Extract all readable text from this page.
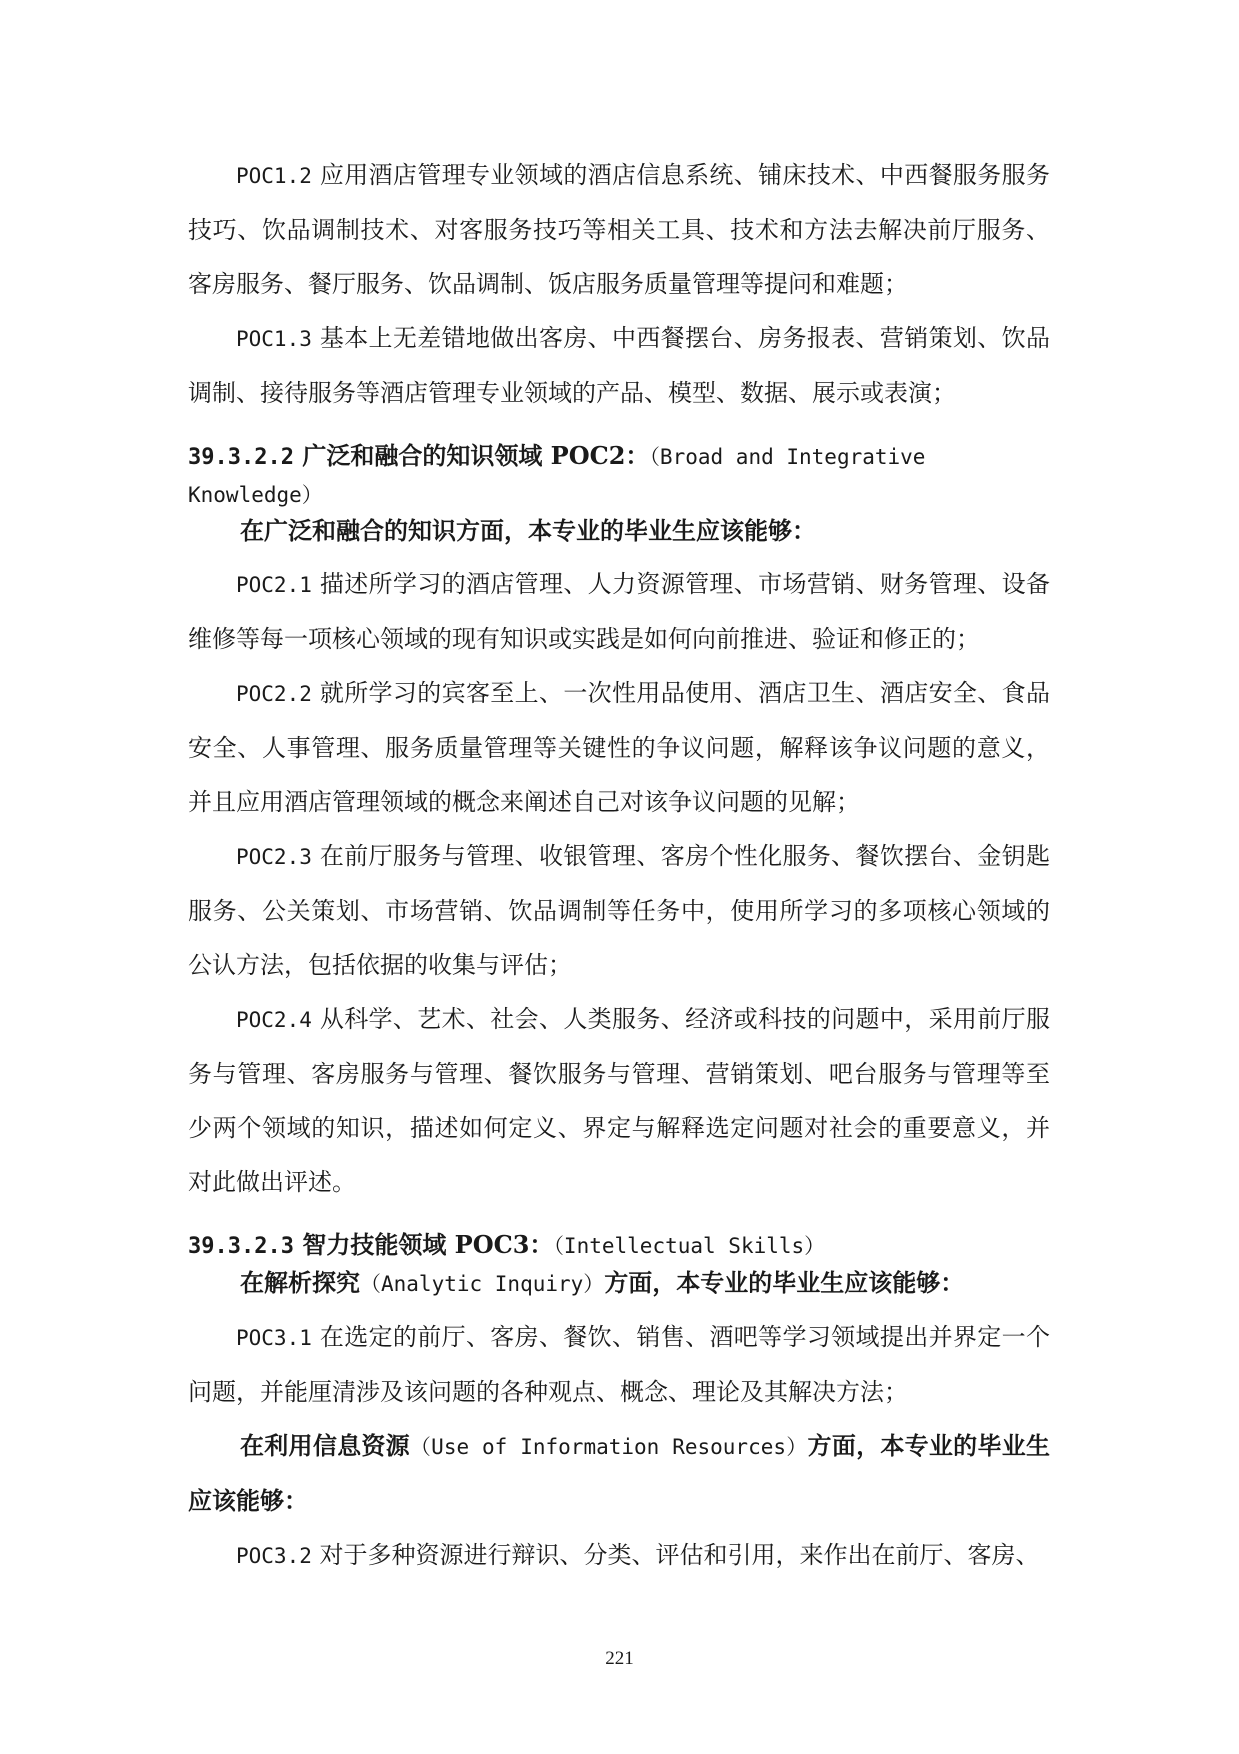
POC1.2 应用酒店管理专业领域的酒店信息系统、铺床技术、中西餐服务服务技巧、饮品调制技术、对客服务技巧等相关工具、技术和方法去解决前厅服务、客房服务、餐厅服务、饮品调制、饭店服务质量管理等提问和难题；

POC1.3 基本上无差错地做出客房、中西餐摆台、房务报表、营销策划、饮品调制、接待服务等酒店管理专业领域的产品、模型、数据、展示或表演；

39.3.2.2 广泛和融合的知识领域 POC2：（Broad and Integrative Knowledge）

在广泛和融合的知识方面，本专业的毕业生应该能够：

POC2.1 描述所学习的酒店管理、人力资源管理、市场营销、财务管理、设备维修等每一项核心领域的现有知识或实践是如何向前推进、验证和修正的；

POC2.2 就所学习的宾客至上、一次性用品使用、酒店卫生、酒店安全、食品安全、人事管理、服务质量管理等关键性的争议问题，解释该争议问题的意义，并且应用酒店管理领域的概念来阐述自己对该争议问题的见解；

POC2.3 在前厅服务与管理、收银管理、客房个性化服务、餐饮摆台、金钥匙服务、公关策划、市场营销、饮品调制等任务中，使用所学习的多项核心领域的公认方法，包括依据的收集与评估；

POC2.4 从科学、艺术、社会、人类服务、经济或科技的问题中，采用前厅服务与管理、客房服务与管理、餐饮服务与管理、营销策划、吧台服务与管理等至少两个领域的知识，描述如何定义、界定与解释选定问题对社会的重要意义，并对此做出评述。

39.3.2.3 智力技能领域 POC3：（Intellectual Skills）

在解析探究（Analytic Inquiry）方面，本专业的毕业生应该能够：

POC3.1 在选定的前厅、客房、餐饮、销售、酒吧等学习领域提出并界定一个问题，并能厘清涉及该问题的各种观点、概念、理论及其解决方法；

在利用信息资源（Use of Information Resources）方面，本专业的毕业生应该能够：

POC3.2 对于多种资源进行辩识、分类、评估和引用，来作出在前厅、客房、

221
